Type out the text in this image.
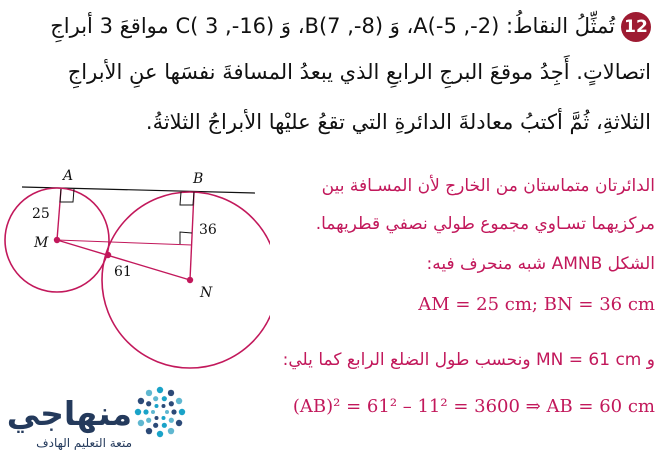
12تُمثِّلُ النقاطُ: (2-, 5-)A، وَ (8-, 7)B، وَ (16-, 3 )C مواقعَ 3 أبراجِ
اتصالاتٍ. أَجِدُ موقعَ البرجِ الرابعِ الذي يبعدُ المسافةَ نفسَها عنِ الأبراجِ
الثلاثةِ، ثُمَّ أكتبُ معادلةَ الدائرةِ التي تقعُ عليْها الأبراجُ الثلاثةُ.
A	B
M
N
25
36
61
الدائرتان متماستان من الخارج لأن المسـافة بين
مركزيهما تسـاوي مجموع طولي نصفي قطريهما.
الشكل AMNB شبه منحرف فيه:
AM = 25 cm; BN = 36 cm
و MN = 61 cm ونحسب طول الضلع الرابع كما يلي:
(AB)² = 61² – 11² = 3600 ⇒ AB = 60 cm
منهاجي
متعة التعليم الهادف
